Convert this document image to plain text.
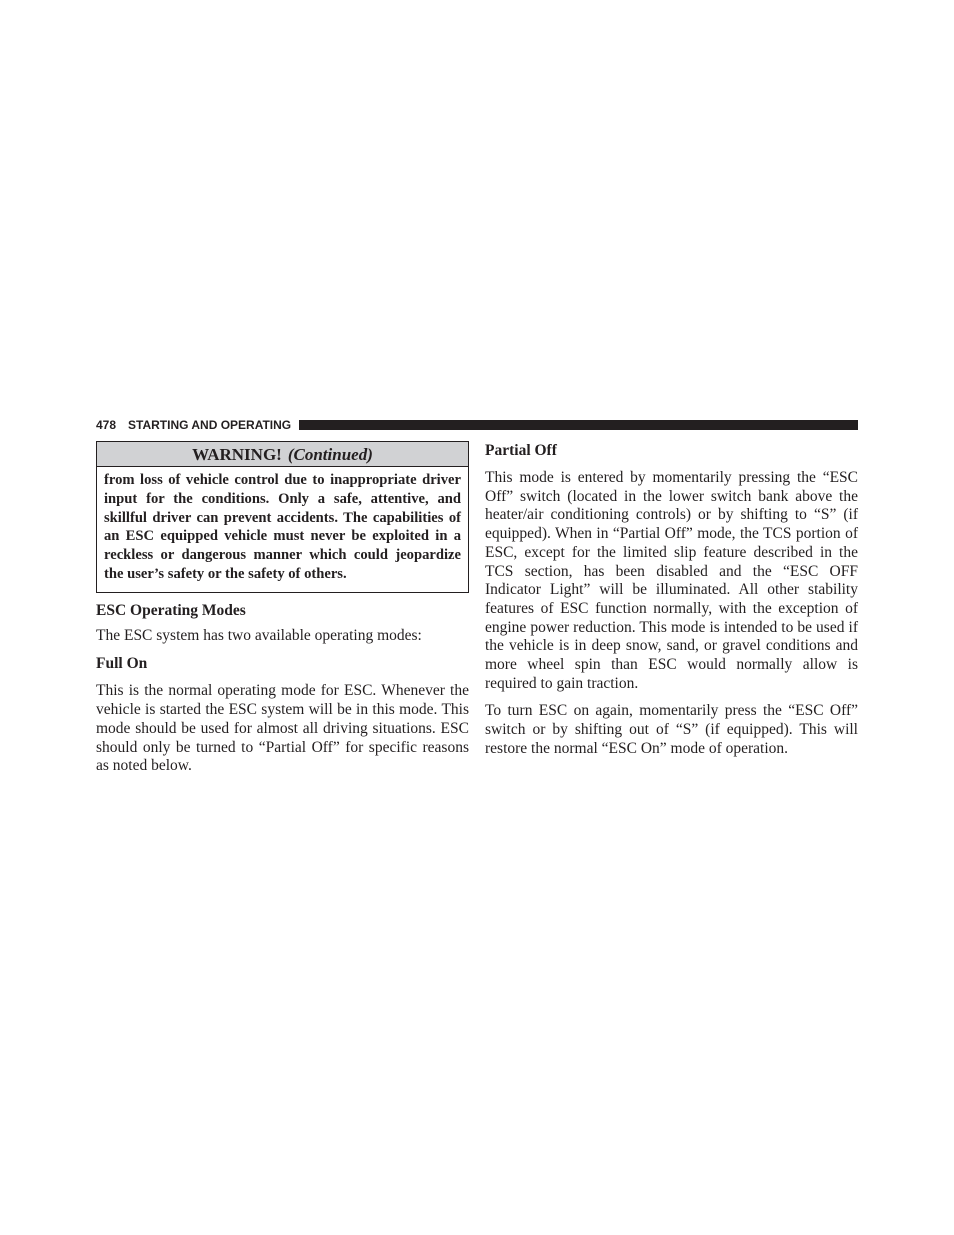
478 STARTING AND OPERATING
WARNING! (Continued)
from loss of vehicle control due to inappropriate driver input for the conditions. Only a safe, attentive, and skillful driver can prevent accidents. The capabilities of an ESC equipped vehicle must never be exploited in a reckless or dangerous manner which could jeopardize the user’s safety or the safety of others.
ESC Operating Modes

The ESC system has two available operating modes:

Full On

This is the normal operating mode for ESC. Whenever the vehicle is started the ESC system will be in this mode. This mode should be used for almost all driving situations. ESC should only be turned to “Partial Off” for specific reasons as noted below.

Partial Off

This mode is entered by momentarily pressing the “ESC Off” switch (located in the lower switch bank above the heater/air conditioning controls) or by shifting to “S” (if equipped). When in “Partial Off” mode, the TCS portion of ESC, except for the limited slip feature described in the TCS section, has been disabled and the “ESC OFF Indicator Light” will be illuminated. All other stability features of ESC function normally, with the exception of engine power reduction. This mode is intended to be used if the vehicle is in deep snow, sand, or gravel conditions and more wheel spin than ESC would normally allow is required to gain traction.

To turn ESC on again, momentarily press the “ESC Off” switch or by shifting out of “S” (if equipped). This will restore the normal “ESC On” mode of operation.
